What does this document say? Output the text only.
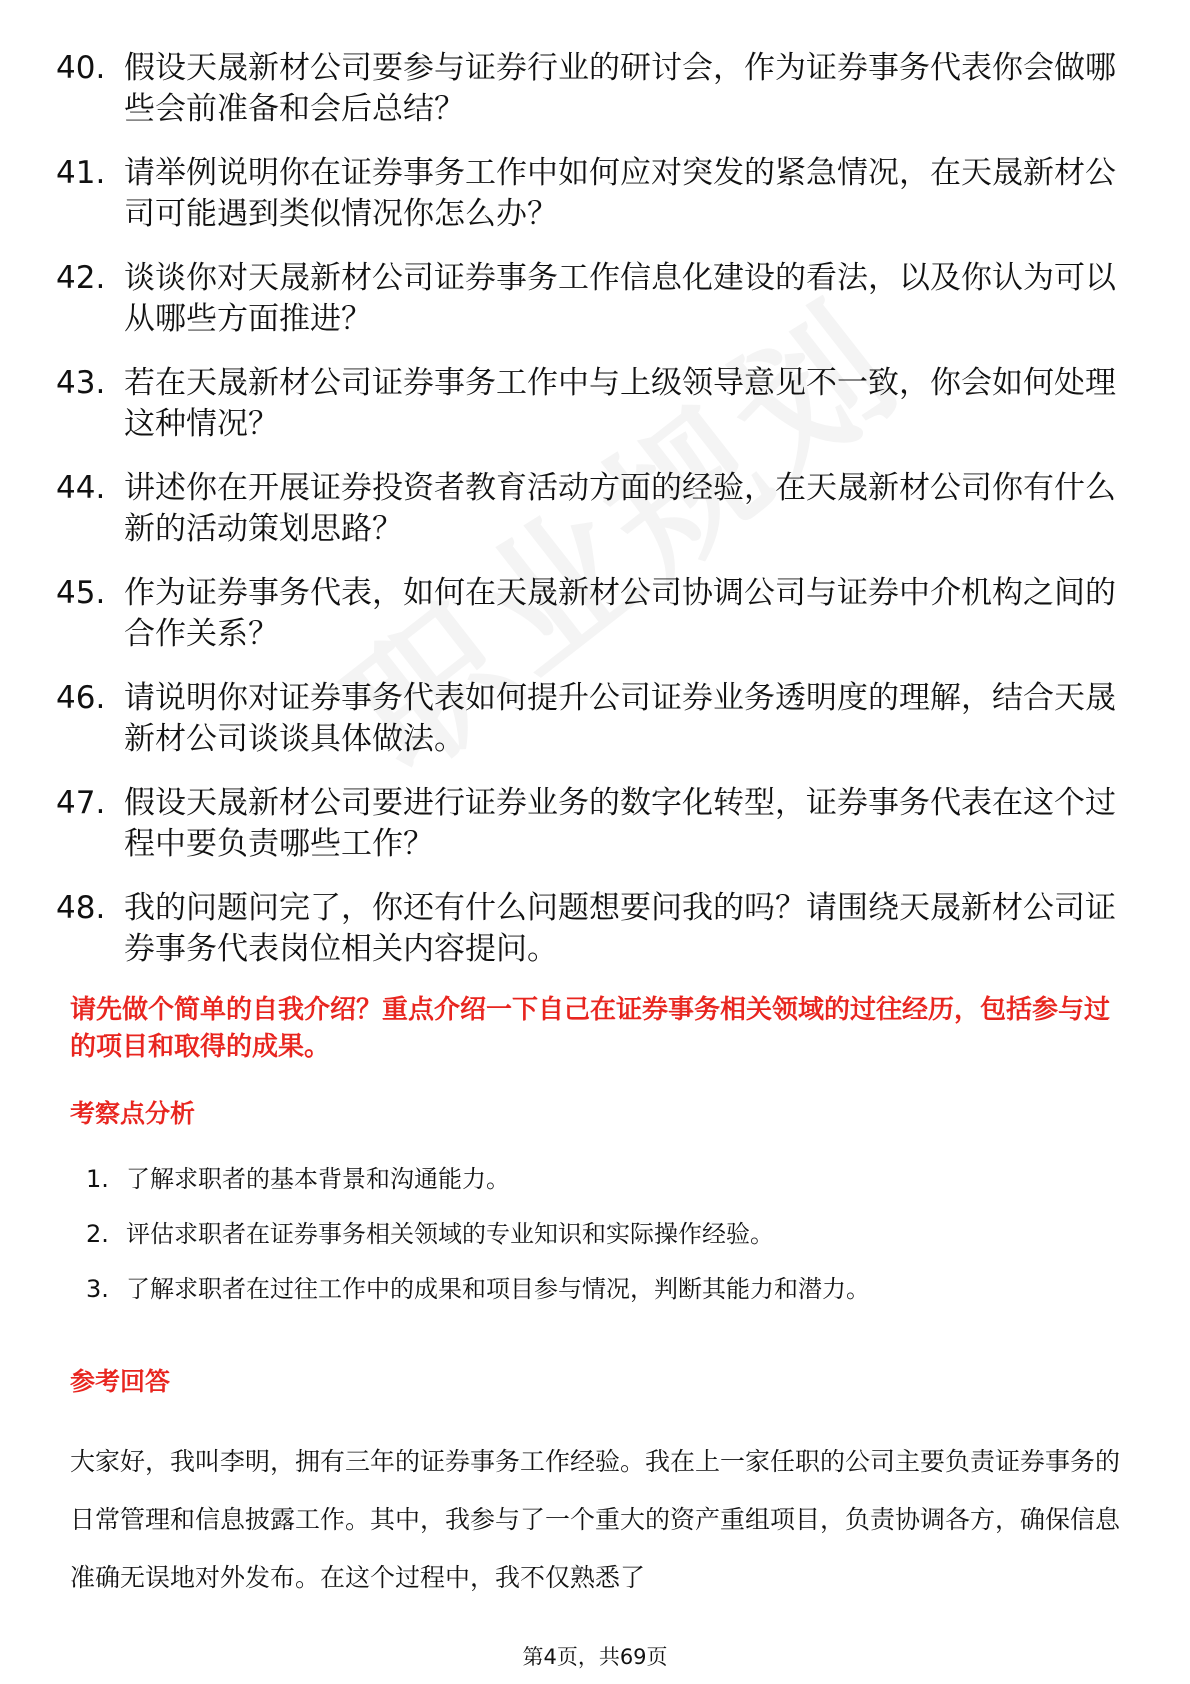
40. 假设天晟新材公司要参与证券行业的研讨会，作为证券事务代表你会做哪些会前准备和会后总结？
41. 请举例说明你在证券事务工作中如何应对突发的紧急情况，在天晟新材公司可能遇到类似情况你怎么办？
42. 谈谈你对天晟新材公司证券事务工作信息化建设的看法，以及你认为可以从哪些方面推进？
43. 若在天晟新材公司证券事务工作中与上级领导意见不一致，你会如何处理这种情况？
44. 讲述你在开展证券投资者教育活动方面的经验，在天晟新材公司你有什么新的活动策划思路？
45. 作为证券事务代表，如何在天晟新材公司协调公司与证券中介机构之间的合作关系？
46. 请说明你对证券事务代表如何提升公司证券业务透明度的理解，结合天晟新材公司谈谈具体做法。
47. 假设天晟新材公司要进行证券业务的数字化转型，证券事务代表在这个过程中要负责哪些工作？
48. 我的问题问完了，你还有什么问题想要问我的吗？请围绕天晟新材公司证券事务代表岗位相关内容提问。
请先做个简单的自我介绍？重点介绍一下自己在证券事务相关领域的过往经历，包括参与过的项目和取得的成果。
考察点分析
1. 了解求职者的基本背景和沟通能力。
2. 评估求职者在证券事务相关领域的专业知识和实际操作经验。
3. 了解求职者在过往工作中的成果和项目参与情况，判断其能力和潜力。
参考回答
大家好，我叫李明，拥有三年的证券事务工作经验。我在上一家任职的公司主要负责证券事务的日常管理和信息披露工作。其中，我参与了一个重大的资产重组项目，负责协调各方，确保信息准确无误地对外发布。在这个过程中，我不仅熟悉了
第4页，共69页
